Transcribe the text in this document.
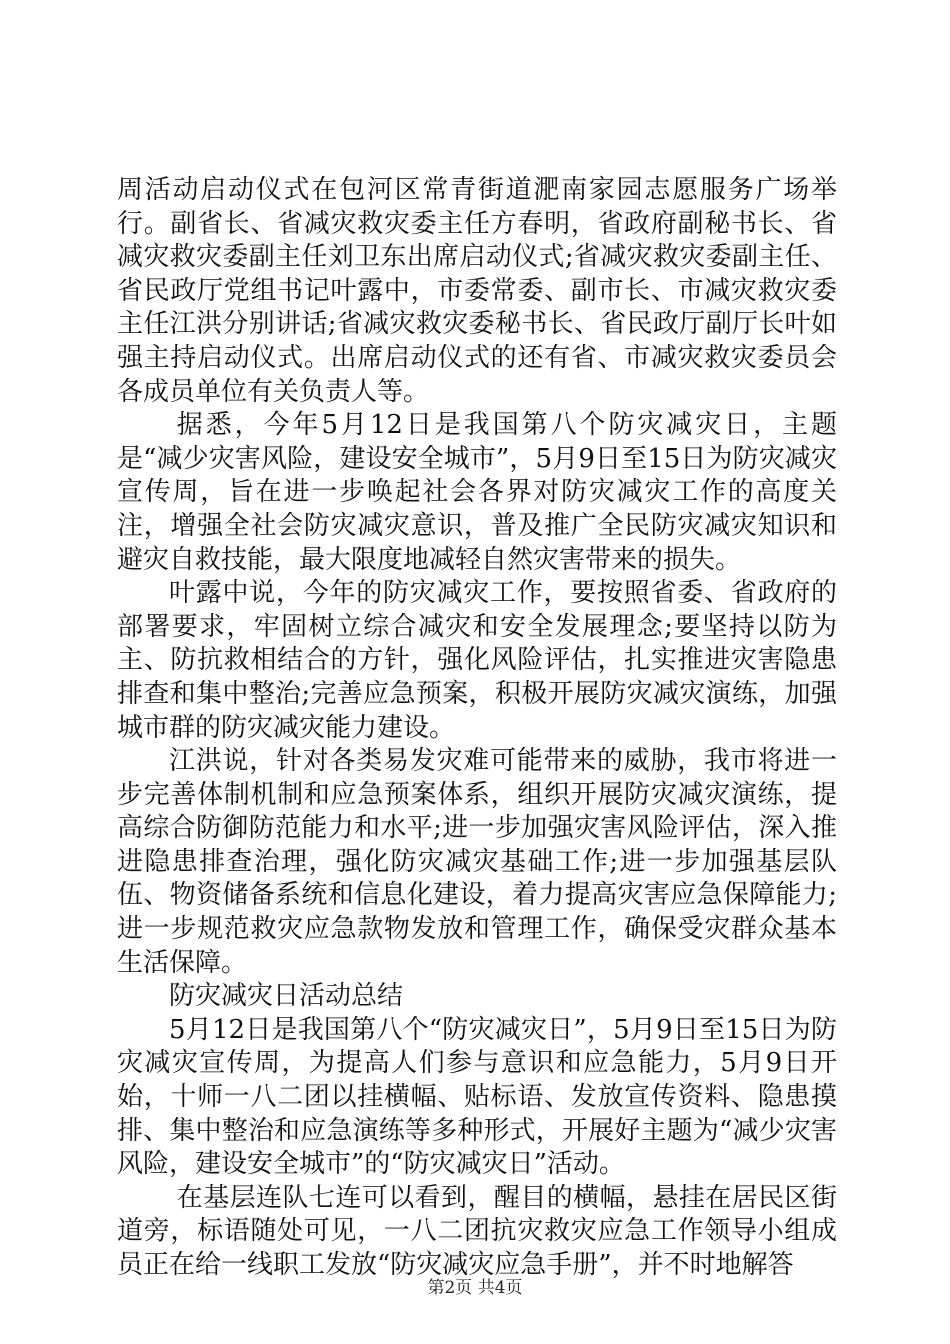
周活动启动仪式在包河区常青街道淝南家园志愿服务广场举行。副省长、省减灾救灾委主任方春明，省政府副秘书长、省减灾救灾委副主任刘卫东出席启动仪式;省减灾救灾委副主任、省民政厅党组书记叶露中，市委常委、副市长、市减灾救灾委主任江洪分别讲话;省减灾救灾委秘书长、省民政厅副厅长叶如强主持启动仪式。出席启动仪式的还有省、市减灾救灾委员会各成员单位有关负责人等。

据悉，今年5月12日是我国第八个防灾减灾日，主题是“减少灾害风险，建设安全城市”，5月9日至15日为防灾减灾宣传周，旨在进一步唤起社会各界对防灾减灾工作的高度关注，增强全社会防灾减灾意识，普及推广全民防灾减灾知识和避灾自救技能，最大限度地减轻自然灾害带来的损失。

叶露中说，今年的防灾减灾工作，要按照省委、省政府的部署要求，牢固树立综合减灾和安全发展理念;要坚持以防为主、防抗救相结合的方针，强化风险评估，扎实推进灾害隐患排查和集中整治;完善应急预案，积极开展防灾减灾演练，加强城市群的防灾减灾能力建设。

江洪说，针对各类易发灾难可能带来的威胁，我市将进一步完善体制机制和应急预案体系，组织开展防灾减灾演练，提高综合防御防范能力和水平;进一步加强灾害风险评估，深入推进隐患排查治理，强化防灾减灾基础工作;进一步加强基层队伍、物资储备系统和信息化建设，着力提高灾害应急保障能力;进一步规范救灾应急款物发放和管理工作，确保受灾群众基本生活保障。

防灾减灾日活动总结

5月12日是我国第八个“防灾减灾日”，5月9日至15日为防灾减灾宣传周，为提高人们参与意识和应急能力，5月9日开始，十师一八二团以挂横幅、贴标语、发放宣传资料、隐患摸排、集中整治和应急演练等多种形式，开展好主题为“减少灾害风险，建设安全城市”的“防灾减灾日”活动。

在基层连队七连可以看到，醒目的横幅，悬挂在居民区街道旁，标语随处可见，一八二团抗灾救灾应急工作领导小组成员正在给一线职工发放“防灾减灾应急手册”，并不时地解答

第2页 共4页
